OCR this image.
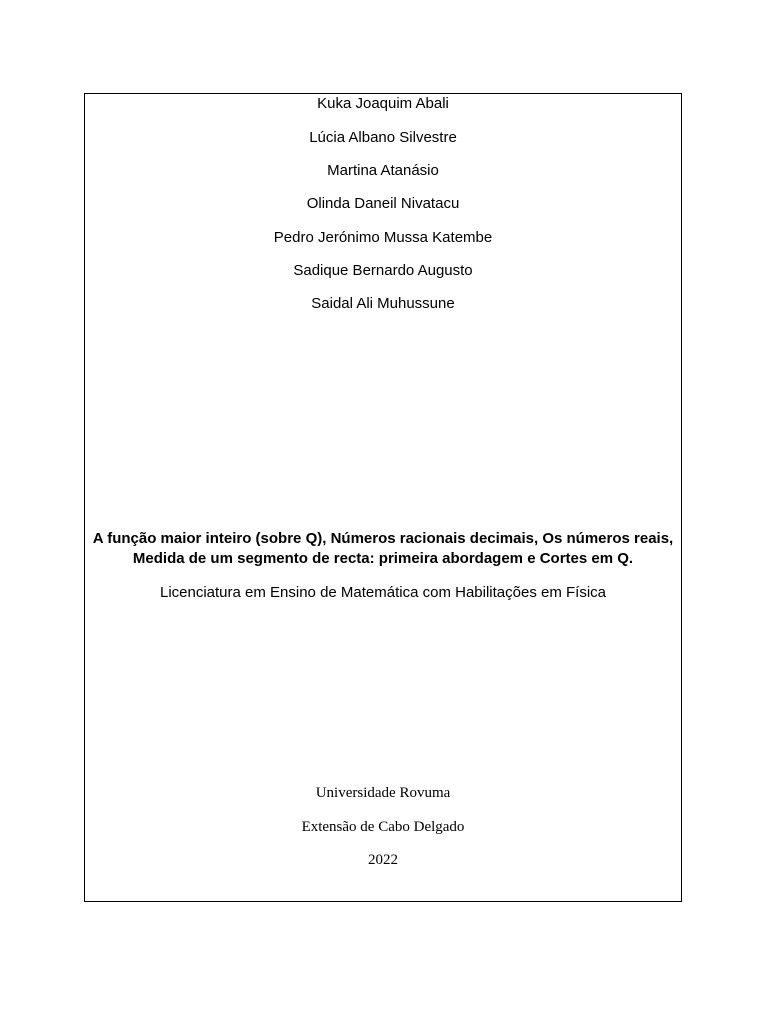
Kuka Joaquim Abali
Lúcia Albano Silvestre
Martina Atanásio
Olinda Daneil Nivatacu
Pedro Jerónimo Mussa Katembe
Sadique Bernardo Augusto
Saidal Ali Muhussune
A função maior inteiro (sobre Q), Números racionais decimais, Os números reais,
Medida de um segmento de recta: primeira abordagem e Cortes em Q.
Licenciatura em Ensino de Matemática com Habilitações em Física
Universidade Rovuma
Extensão de Cabo Delgado
2022
